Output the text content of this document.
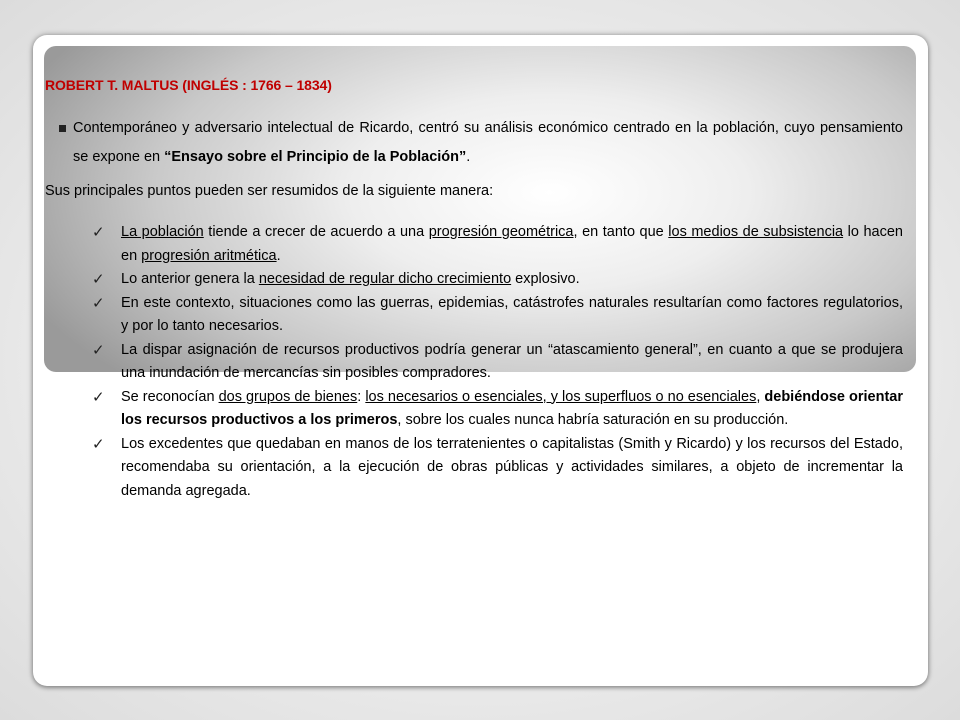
ROBERT T. MALTUS (INGLÉS : 1766 – 1834)
Contemporáneo y adversario intelectual de Ricardo, centró su análisis económico centrado en la población, cuyo pensamiento se expone en “Ensayo sobre el Principio de la Población”.
Sus principales puntos pueden ser resumidos de la siguiente manera:
✓ La población tiende a crecer de acuerdo a una progresión geométrica, en tanto que los medios de subsistencia lo hacen en progresión aritmética.
✓ Lo anterior genera la necesidad de regular dicho crecimiento explosivo.
✓ En este contexto, situaciones como las guerras, epidemias, catástrofes naturales resultarían como factores regulatorios, y por lo tanto necesarios.
✓ La dispar asignación de recursos productivos podría generar un “atascamiento general”, en cuanto a que se produjera una inundación de mercancías sin posibles compradores.
✓ Se reconocían dos grupos de bienes: los necesarios o esenciales, y los superfluos o no esenciales, debiéndose orientar los recursos productivos a los primeros, sobre los cuales nunca habría saturación en su producción.
✓ Los excedentes que quedaban en manos de los terratenientes o capitalistas (Smith y Ricardo) y los recursos del Estado, recomendaba su orientación, a la ejecución de obras públicas y actividades similares, a objeto de incrementar la demanda agregada.
